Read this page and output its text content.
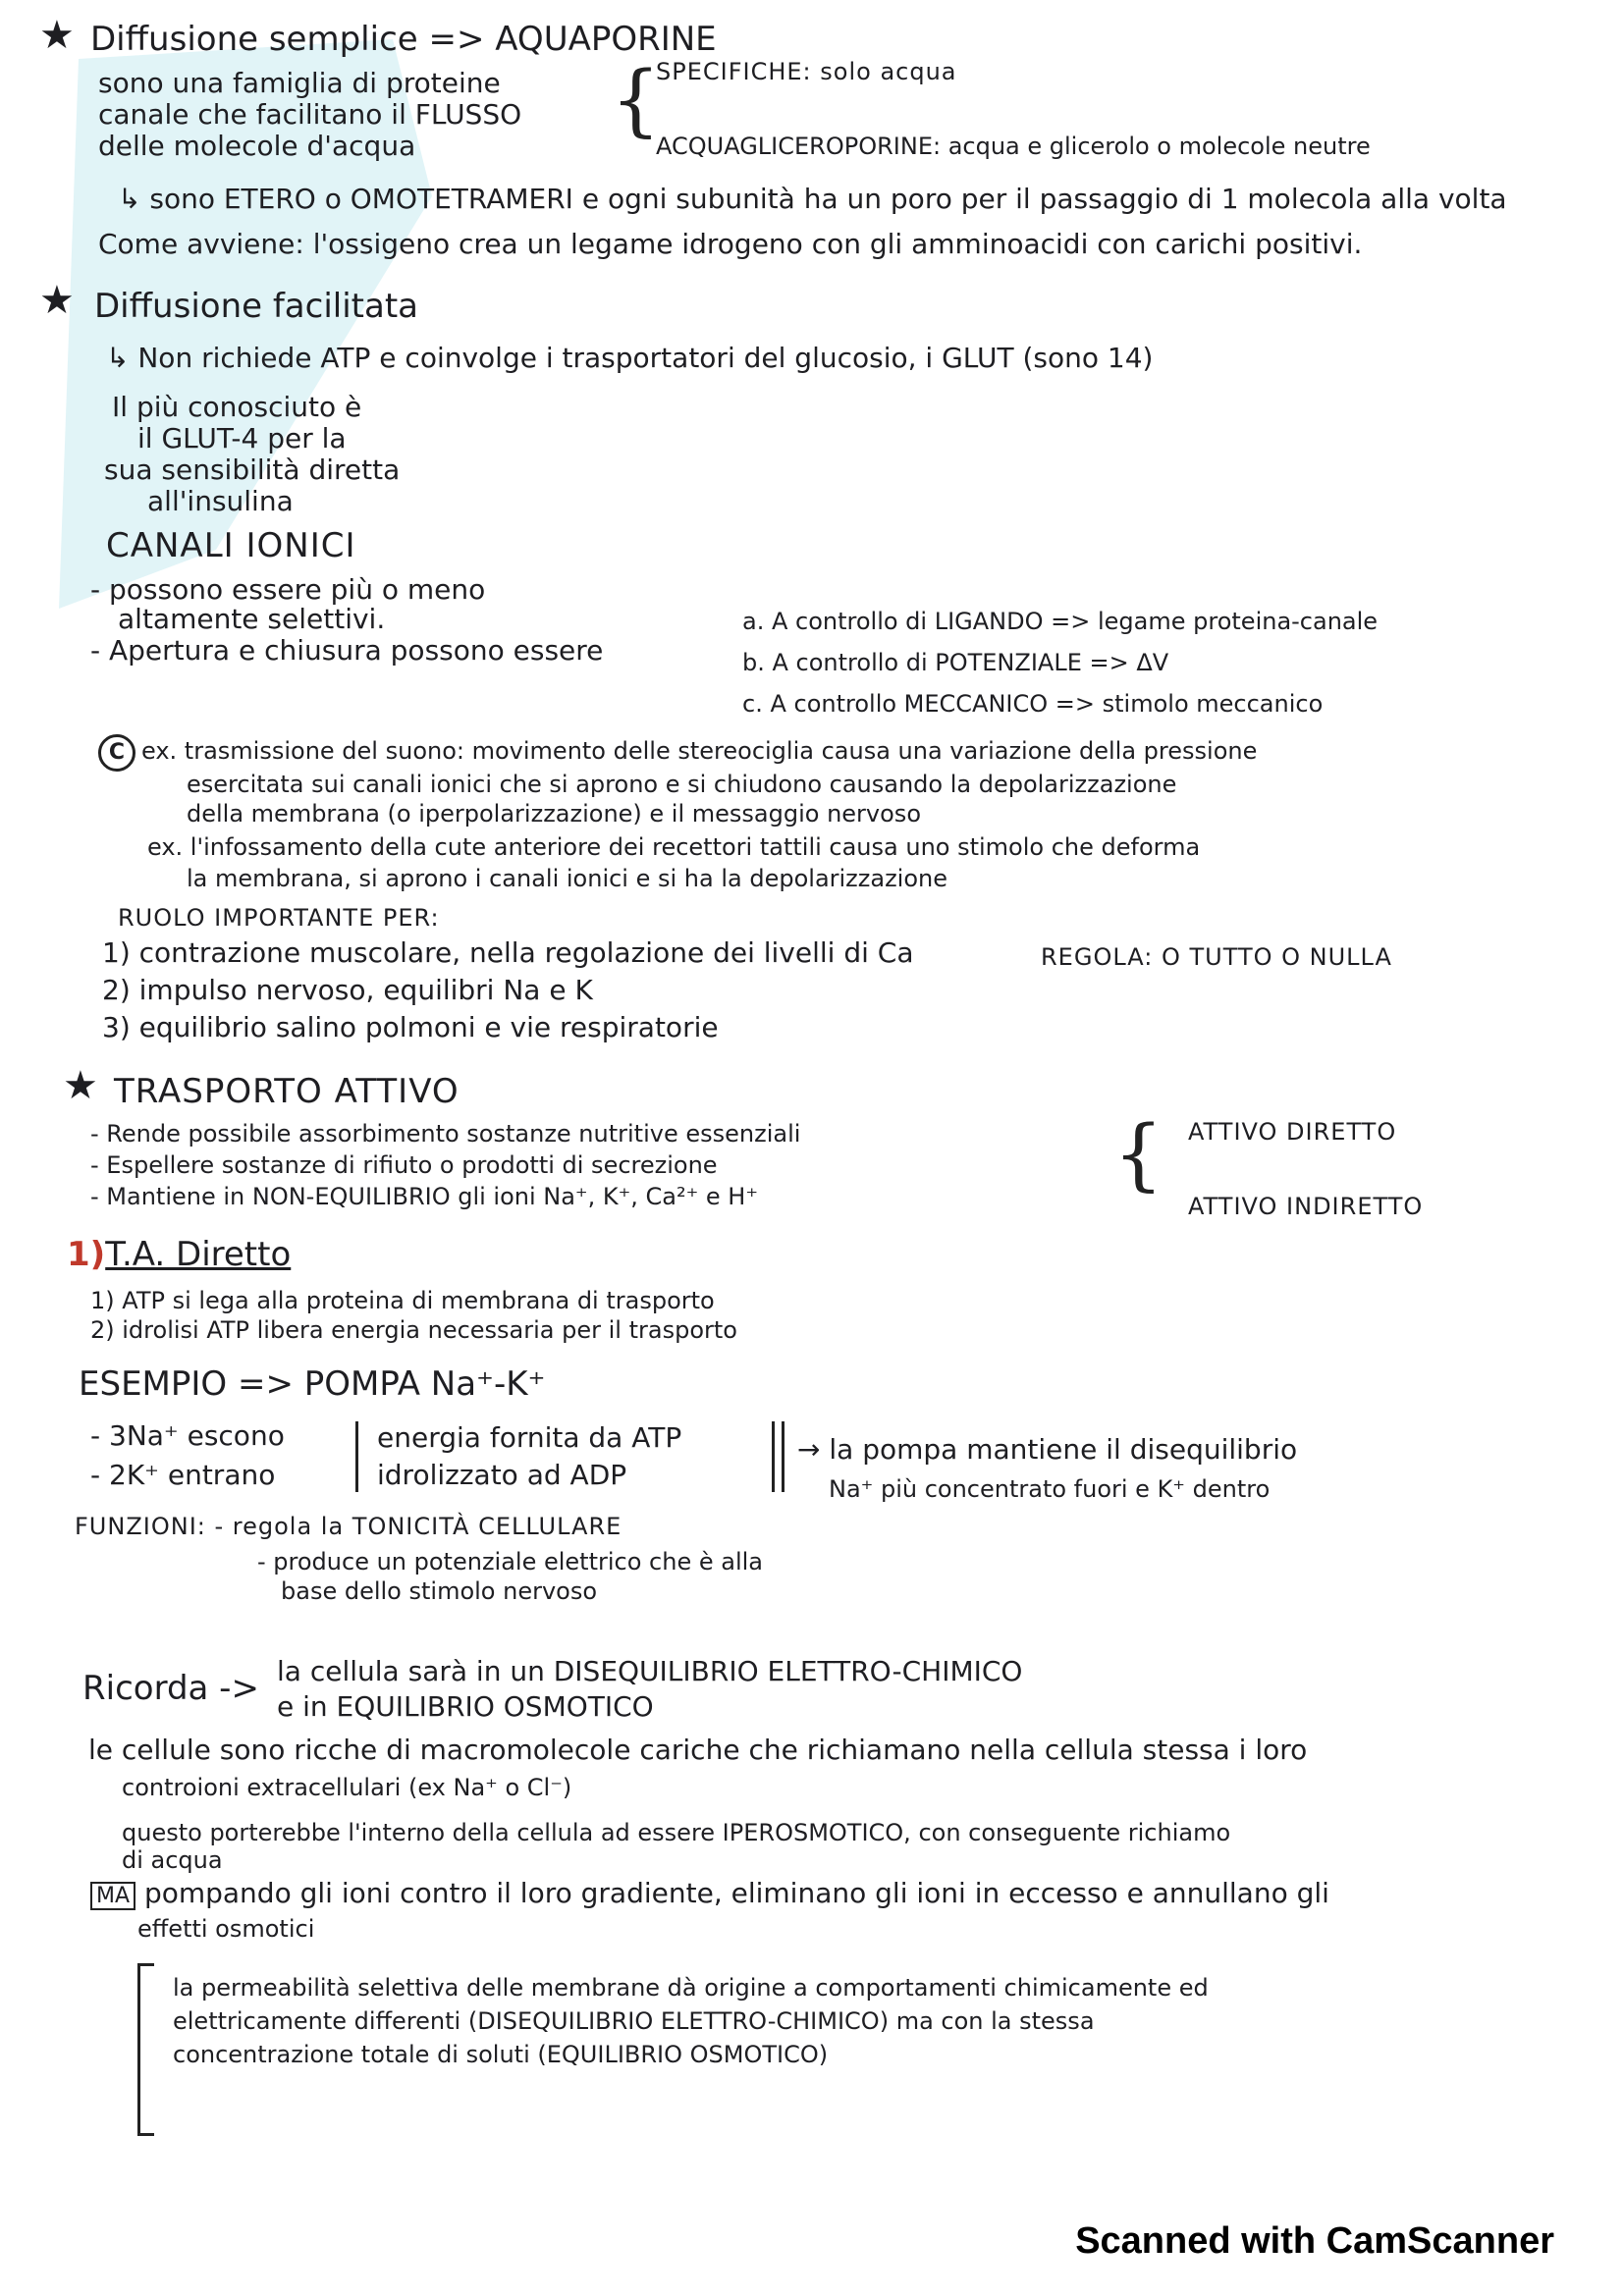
★ Diffusione semplice => AQUAPORINE
sono una famiglia di proteine
canale che facilitano il FLUSSO
delle molecole d'acqua
{
SPECIFICHE: solo acqua
ACQUAGLICEROPORINE: acqua e glicerolo o molecole neutre
↳ sono ETERO o OMOTETRAMERI e ogni subunità ha un poro per il passaggio di 1 molecola alla volta
Come avviene: l'ossigeno crea un legame idrogeno con gli amminoacidi con carichi positivi.
★ Diffusione facilitata
↳ Non richiede ATP e coinvolge i trasportatori del glucosio, i GLUT (sono 14)
Il più conosciuto è
il GLUT-4 per la
sua sensibilità diretta
all'insulina
CANALI IONICI
- possono essere più o meno
altamente selettivi.
- Apertura e chiusura possono essere
a. A controllo di LIGANDO => legame proteina-canale
b. A controllo di POTENZIALE => ΔV
c. A controllo MECCANICO => stimolo meccanico
C ex. trasmissione del suono: movimento delle stereociglia causa una variazione della pressione
esercitata sui canali ionici che si aprono e si chiudono causando la depolarizzazione
della membrana (o iperpolarizzazione) e il messaggio nervoso
ex. l'infossamento della cute anteriore dei recettori tattili causa uno stimolo che deforma
la membrana, si aprono i canali ionici e si ha la depolarizzazione
RUOLO IMPORTANTE PER:
1) contrazione muscolare, nella regolazione dei livelli di Ca	REGOLA: O TUTTO O NULLA
2) impulso nervoso, equilibri Na e K
3) equilibrio salino polmoni e vie respiratorie
★ TRASPORTO ATTIVO
- Rende possibile assorbimento sostanze nutritive essenziali
- Espellere sostanze di rifiuto o prodotti di secrezione
- Mantiene in NON-EQUILIBRIO gli ioni Na⁺, K⁺, Ca²⁺ e H⁺	{ ATTIVO DIRETTO
ATTIVO INDIRETTO
1)T.A. Diretto
1) ATP si lega alla proteina di membrana di trasporto
2) idrolisi ATP libera energia necessaria per il trasporto
ESEMPIO => POMPA Na⁺-K⁺
- 3Na⁺ escono
- 2K⁺ entrano
energia fornita da ATP
idrolizzato ad ADP
→ la pompa mantiene il disequilibrio
Na⁺ più concentrato fuori e K⁺ dentro
FUNZIONI: - regola la TONICITÀ CELLULARE
- produce un potenziale elettrico che è alla
base dello stimolo nervoso
Ricorda -> la cellula sarà in un DISEQUILIBRIO ELETTRO-CHIMICO
e in EQUILIBRIO OSMOTICO
le cellule sono ricche di macromolecole cariche che richiamano nella cellula stessa i loro
controioni extracellulari (ex Na⁺ o Cl⁻)
questo porterebbe l'interno della cellula ad essere IPEROSMOTICO, con conseguente richiamo
di acqua
MA pompando gli ioni contro il loro gradiente, eliminano gli ioni in eccesso e annullano gli
effetti osmotici
la permeabilità selettiva delle membrane dà origine a comportamenti chimicamente ed
elettricamente differenti (DISEQUILIBRIO ELETTRO-CHIMICO) ma con la stessa
concentrazione totale di soluti (EQUILIBRIO OSMOTICO)
Scanned with CamScanner
